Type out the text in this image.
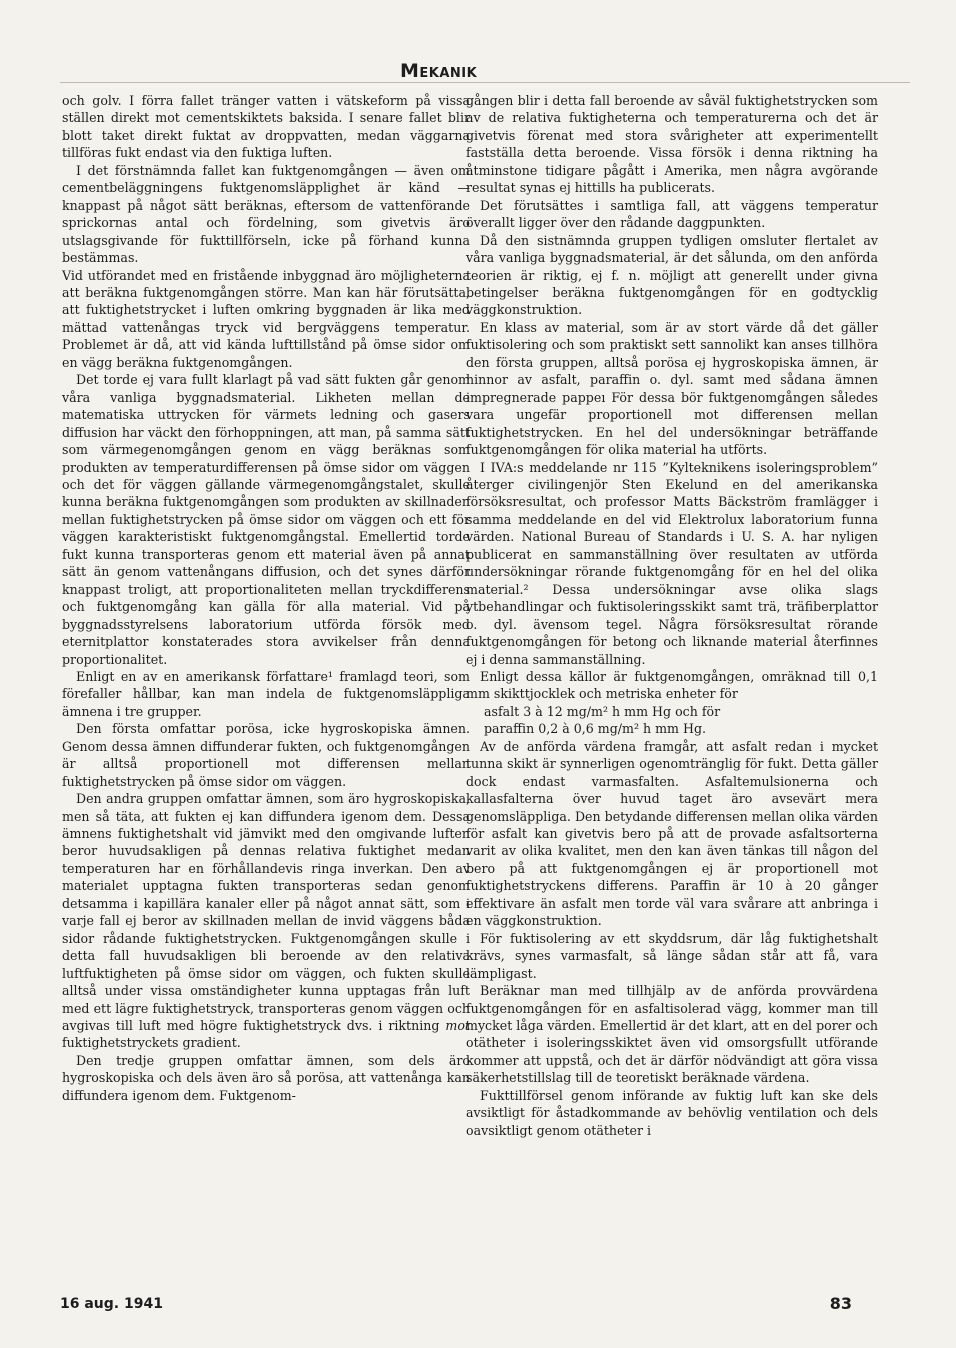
Mekanik

och golv. I förra fallet tränger vatten i vätskeform på vissa ställen direkt mot cementskiktets baksida. I senare fallet blir blott taket direkt fuktat av droppvatten, medan väggarna tillföras fukt endast via den fuktiga luften.

I det förstnämnda fallet kan fuktgenomgången — även om cementbeläggningens fuktgenomsläpplighet är känd — knappast på något sätt beräknas, eftersom de vattenförande sprickornas antal och fördelning, som givetvis äro utslagsgivande för fukttillförseln, icke på förhand kunna bestämmas.

Vid utförandet med en fristående inbyggnad äro möjligheterna att beräkna fuktgenomgången större. Man kan här förutsätta, att fuktighetstrycket i luften omkring byggnaden är lika med mättad vattenångas tryck vid bergväggens temperatur. Problemet är då, att vid kända lufttillstånd på ömse sidor om en vägg beräkna fuktgenomgången.

Det torde ej vara fullt klarlagt på vad sätt fukten går genom våra vanliga byggnadsmaterial. Likheten mellan de matematiska uttrycken för värmets ledning och gasers diffusion har väckt den förhoppningen, att man, på samma sätt som värmegenomgången genom en vägg beräknas som produkten av temperaturdifferensen på ömse sidor om väggen och det för väggen gällande värmegenomgångstalet, skulle kunna beräkna fuktgenomgången som produkten av skillnaden mellan fuktighetstrycken på ömse sidor om väggen och ett för väggen karakteristiskt fuktgenomgångstal. Emellertid torde fukt kunna transporteras genom ett material även på annat sätt än genom vattenångans diffusion, och det synes därför knappast troligt, att proportionaliteten mellan tryckdifferens och fuktgenomgång kan gälla för alla material. Vid på byggnadsstyrelsens laboratorium utförda försök med eternitplattor konstaterades stora avvikelser från denna proportionalitet.

Enligt en av en amerikansk författare¹ framlagd teori, som förefaller hållbar, kan man indela de fuktgenomsläppliga ämnena i tre grupper.

Den första omfattar porösa, icke hygroskopiska ämnen. Genom dessa ämnen diffunderar fukten, och fuktgenomgången är alltså proportionell mot differensen mellan fuktighetstrycken på ömse sidor om väggen.

Den andra gruppen omfattar ämnen, som äro hygroskopiska, men så täta, att fukten ej kan diffundera igenom dem. Dessa ämnens fuktighetshalt vid jämvikt med den omgivande luften beror huvudsakligen på dennas relativa fuktighet medan temperaturen har en förhållandevis ringa inverkan. Den av materialet upptagna fukten transporteras sedan genom detsamma i kapillära kanaler eller på något annat sätt, som i varje fall ej beror av skillnaden mellan de invid väggens båda sidor rådande fuktighetstrycken. Fuktgenomgången skulle i detta fall huvudsakligen bli beroende av den relativa luftfuktigheten på ömse sidor om väggen, och fukten skulle alltså under vissa omständigheter kunna upptagas från luft med ett lägre fuktighetstryck, transporteras genom väggen och avgivas till luft med högre fuktighetstryck dvs. i riktning mot fuktighetstryckets gradient.

Den tredje gruppen omfattar ämnen, som dels äro hygroskopiska och dels även äro så porösa, att vattenånga kan diffundera igenom dem. Fuktgenom-

gången blir i detta fall beroende av såväl fuktighetstrycken som av de relativa fuktigheterna och temperaturerna och det är givetvis förenat med stora svårigheter att experimentellt fastställa detta beroende. Vissa försök i denna riktning ha åtminstone tidigare pågått i Amerika, men några avgörande resultat synas ej hittills ha publicerats.

Det förutsättes i samtliga fall, att väggens temperatur överallt ligger över den rådande daggpunkten.

Då den sistnämnda gruppen tydligen omsluter flertalet av våra vanliga byggnadsmaterial, är det sålunda, om den anförda teorien är riktig, ej f. n. möjligt att generellt under givna betingelser beräkna fuktgenomgången för en godtycklig väggkonstruktion.

En klass av material, som är av stort värde då det gäller fuktisolering och som praktiskt sett sannolikt kan anses tillhöra den första gruppen, alltså porösa ej hygroskopiska ämnen, är hinnor av asfalt, paraffin o. dyl. samt med sådana ämnen impregnerade pappeı För dessa bör fuktgenomgången således vara ungefär proportionell mot differensen mellan fuktighetstrycken. En hel del undersökningar beträffande fuktgenomgången för olika material ha utförts.

I IVA:s meddelande nr 115 ”Kylteknikens isoleringsproblem” återger civilingenjör Sten Ekelund en del amerikanska försöksresultat, och professor Matts Bäckström framlägger i samma meddelande en del vid Elektrolux laboratorium funna värden. National Bureau of Standards i U. S. A. har nyligen publicerat en sammanställning över resultaten av utförda undersökningar rörande fuktgenomgång för en hel del olika material.² Dessa undersökningar avse olika slags ytbehandlingar och fuktisoleringsskikt samt trä, träfiberplattor o. dyl. ävensom tegel. Några försöksresultat rörande fuktgenomgången för betong och liknande material återfinnes ej i denna sammanställning.

Enligt dessa källor är fuktgenomgången, omräknad till 0,1 mm skikttjocklek och metriska enheter för

asfalt 3 à 12 mg/m² h mm Hg och för

paraffin 0,2 à 0,6 mg/m² h mm Hg.

Av de anförda värdena framgår, att asfalt redan i mycket tunna skikt är synnerligen ogenomtränglig för fukt. Detta gäller dock endast varmasfalten. Asfaltemulsionerna och kallasfalterna över huvud taget äro avsevärt mera genomsläppliga. Den betydande differensen mellan olika värden för asfalt kan givetvis bero på att de provade asfaltsorterna varit av olika kvalitet, men den kan även tänkas till någon del bero på att fuktgenomgången ej är proportionell mot fuktighetstryckens differens. Paraffin är 10 à 20 gånger effektivare än asfalt men torde väl vara svårare att anbringa i en väggkonstruktion.

För fuktisolering av ett skyddsrum, där låg fuktighetshalt krävs, synes varmasfalt, så länge sådan står att få, vara lämpligast.

Beräknar man med tillhjälp av de anförda provvärdena fuktgenomgången för en asfaltisolerad vägg, kommer man till mycket låga värden. Emellertid är det klart, att en del porer och otätheter i isoleringsskiktet även vid omsorgsfullt utförande kommer att uppstå, och det är därför nödvändigt att göra vissa säkerhetstillslag till de teoretiskt beräknade värdena.

Fukttillförsel genom införande av fuktig luft kan ske dels avsiktligt för åstadkommande av behövlig ventilation och dels oavsiktligt genom otätheter i

16 aug. 1941	83
